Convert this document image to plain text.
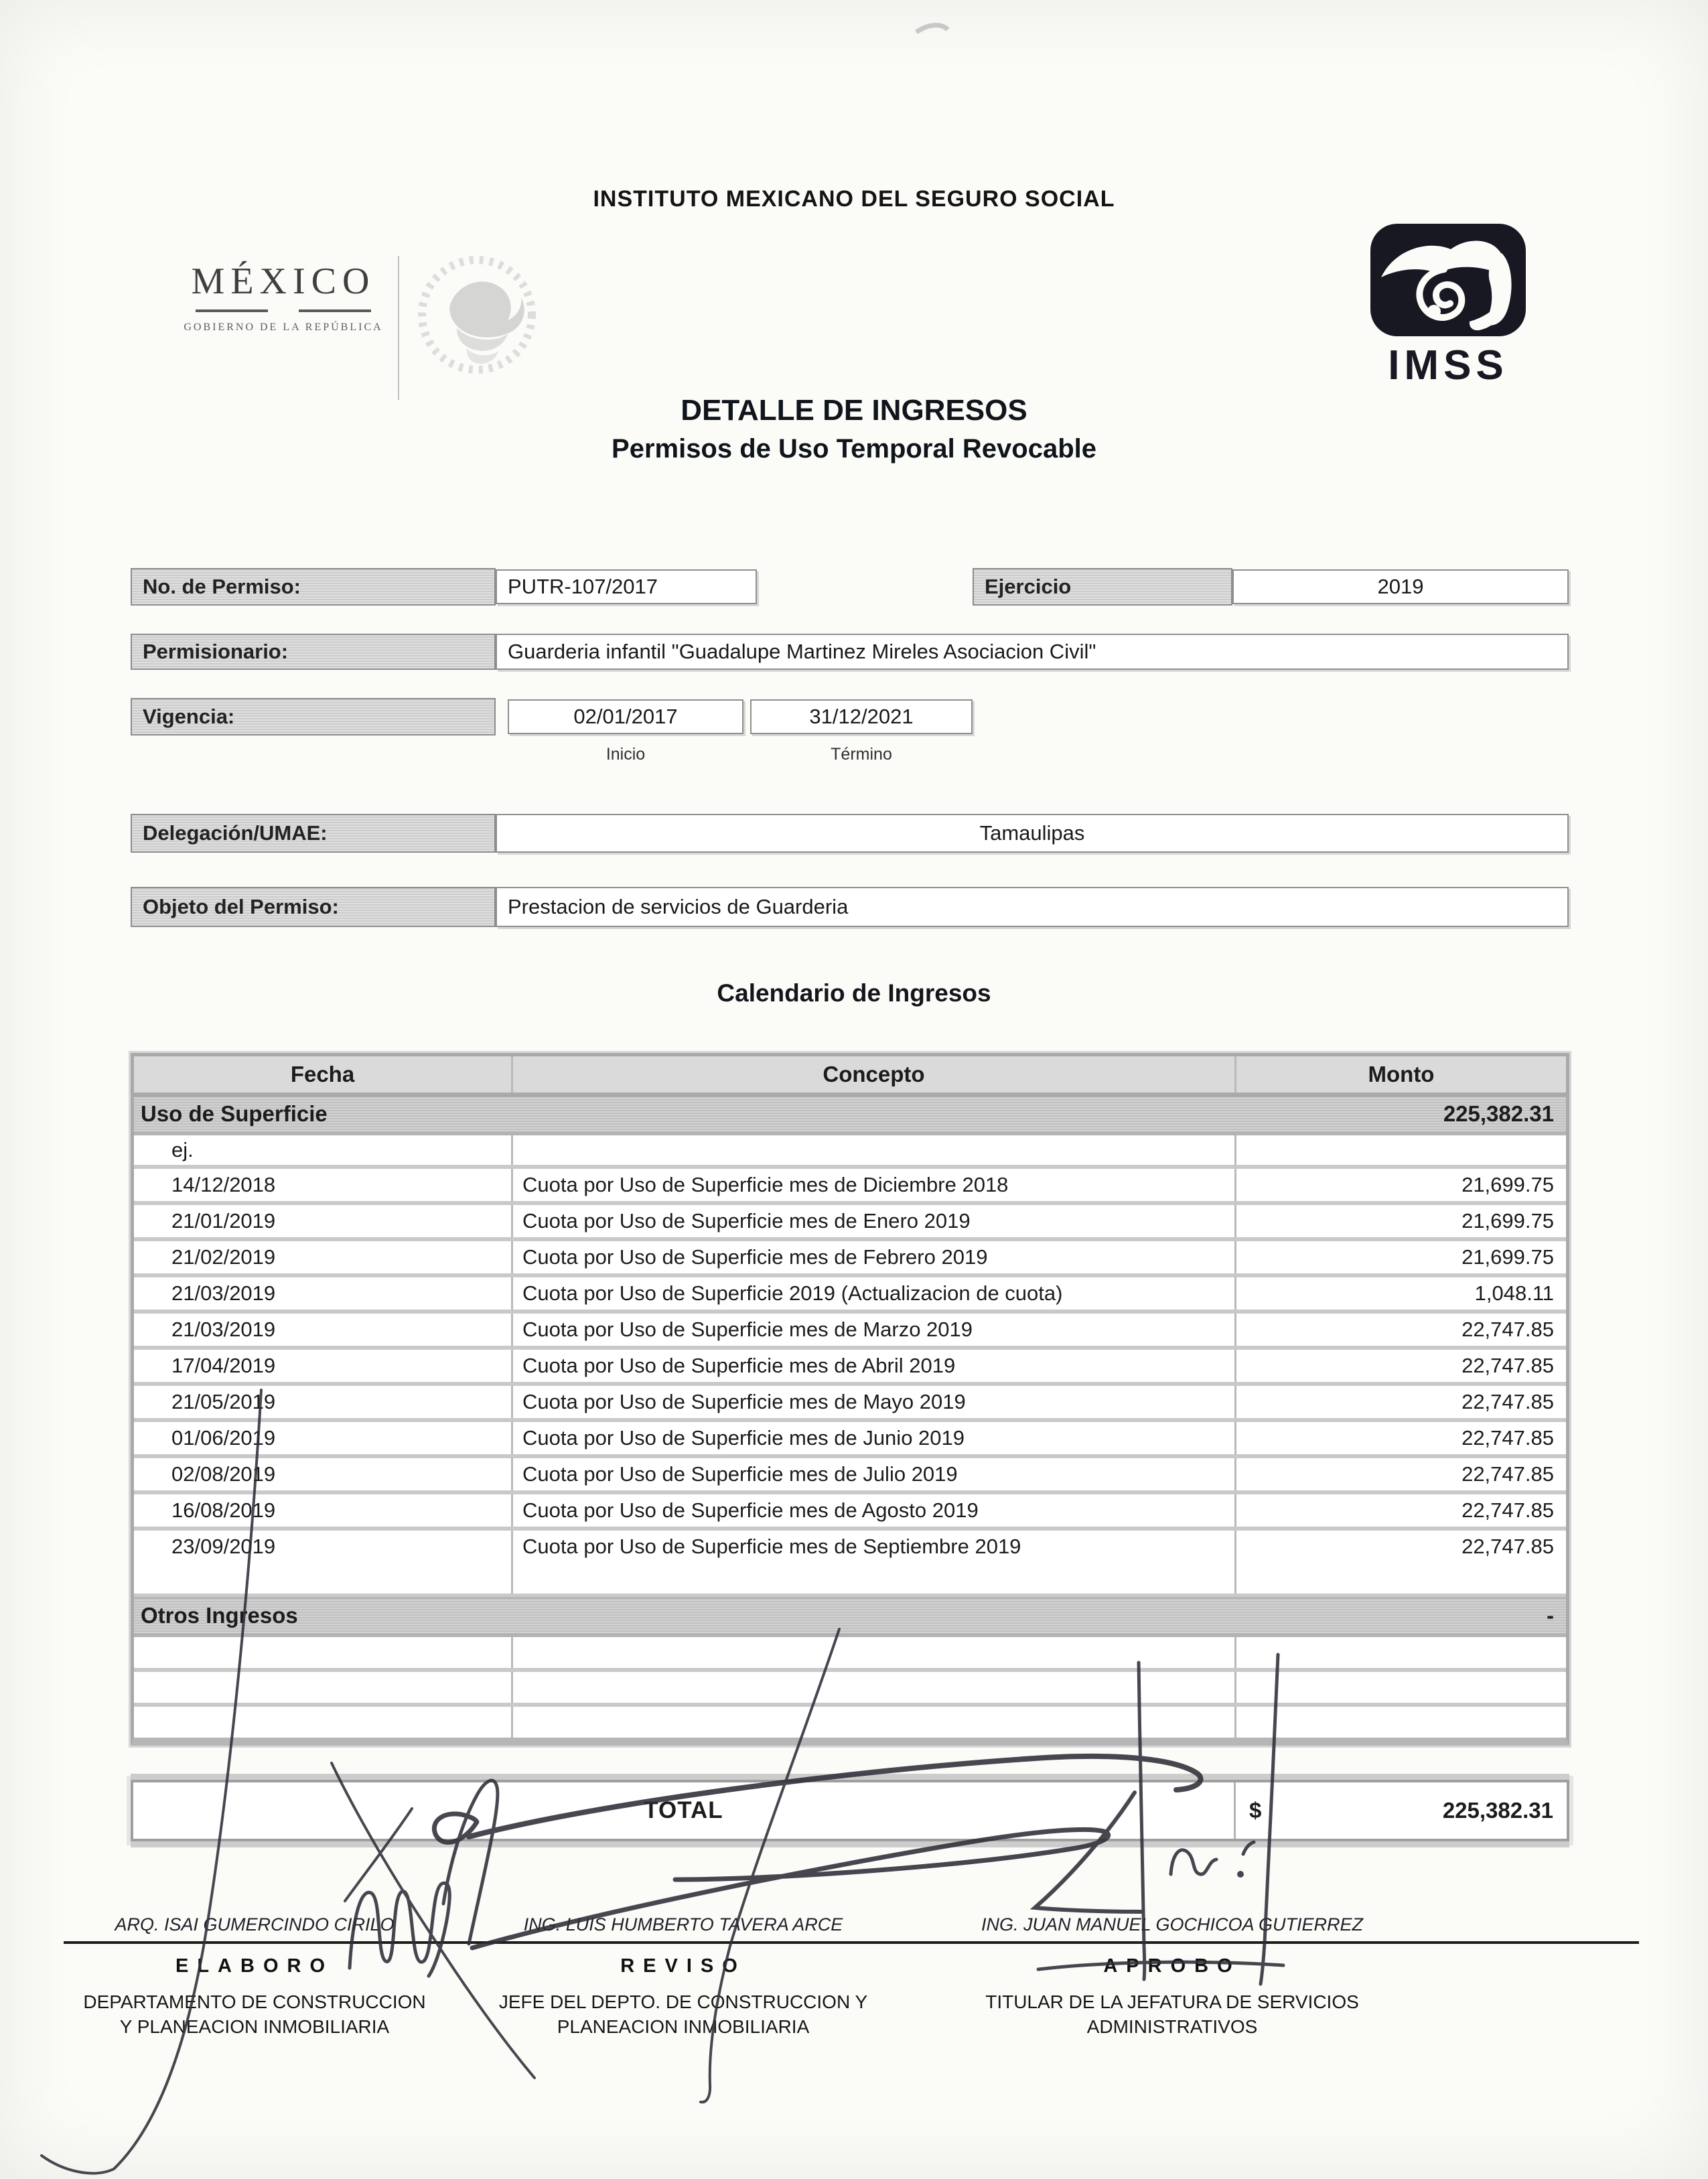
INSTITUTO MEXICANO DEL SEGURO SOCIAL
MÉXICO
GOBIERNO DE LA REPÚBLICA
IMSS
DETALLE DE INGRESOS
Permisos de Uso Temporal Revocable
No. de Permiso:	PUTR-107/2017	Ejercicio	2019
Permisionario:	Guarderia infantil "Guadalupe Martinez Mireles Asociacion Civil"
Vigencia:	02/01/2017	31/12/2021
Inicio	Término
Delegación/UMAE:	Tamaulipas
Objeto del Permiso:	Prestacion de servicios de Guarderia
Calendario de Ingresos
Fecha	Concepto	Monto
Uso de Superficie	225,382.31
ej.
14/12/2018	Cuota por Uso de Superficie mes de Diciembre 2018	21,699.75
21/01/2019	Cuota por Uso de Superficie mes de Enero 2019	21,699.75
21/02/2019	Cuota por Uso de Superficie mes de Febrero 2019	21,699.75
21/03/2019	Cuota por Uso de Superficie 2019 (Actualizacion de cuota)	1,048.11
21/03/2019	Cuota por Uso de Superficie mes de Marzo 2019	22,747.85
17/04/2019	Cuota por Uso de Superficie mes de Abril 2019	22,747.85
21/05/2019	Cuota por Uso de Superficie mes de Mayo 2019	22,747.85
01/06/2019	Cuota por Uso de Superficie mes de Junio 2019	22,747.85
02/08/2019	Cuota por Uso de Superficie mes de Julio 2019	22,747.85
16/08/2019	Cuota por Uso de Superficie mes de Agosto 2019	22,747.85
23/09/2019	Cuota por Uso de Superficie mes de Septiembre 2019	22,747.85
Otros Ingresos	-
TOTAL	$	225,382.31
ARQ. ISAI GUMERCINDO CIRILO
ELABORO
DEPARTAMENTO DE CONSTRUCCION
Y PLANEACION INMOBILIARIA
ING. LUIS HUMBERTO TAVERA ARCE
REVISO
JEFE DEL DEPTO. DE CONSTRUCCION Y
PLANEACION INMOBILIARIA
ING. JUAN MANUEL GOCHICOA GUTIERREZ
APROBO
TITULAR DE LA JEFATURA DE SERVICIOS
ADMINISTRATIVOS
